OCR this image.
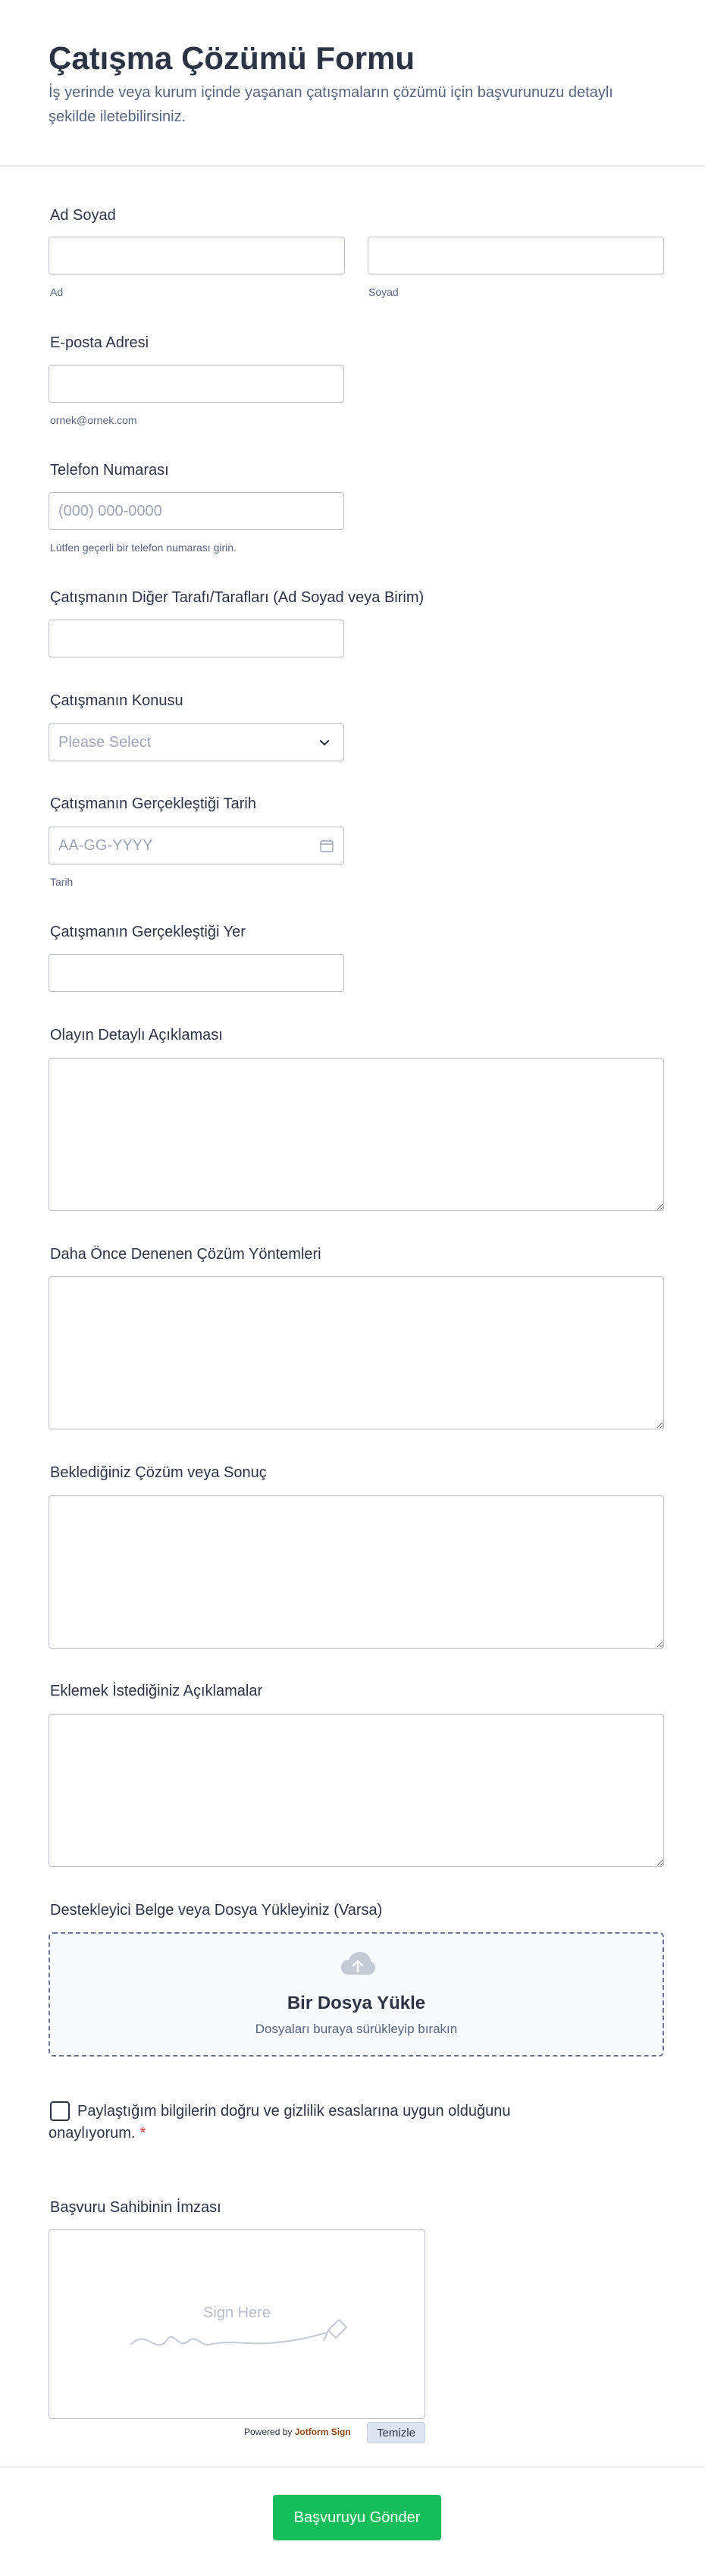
Çatışma Çözümü Formu

İş yerinde veya kurum içinde yaşanan çatışmaların çözümü için başvurunuzu detaylı şekilde iletebilirsiniz.

Ad Soyad
Ad	Soyad
E-posta Adresi
ornek@ornek.com
Telefon Numarası
(000) 000-0000
Lütfen geçerli bir telefon numarası girin.
Çatışmanın Diğer Tarafı/Tarafları (Ad Soyad veya Birim)
Çatışmanın Konusu
Please Select
Çatışmanın Gerçekleştiği Tarih
AA-GG-YYYY
Tarih
Çatışmanın Gerçekleştiği Yer
Olayın Detaylı Açıklaması
Daha Önce Denenen Çözüm Yöntemleri
Beklediğiniz Çözüm veya Sonuç
Eklemek İstediğiniz Açıklamalar
Destekleyici Belge veya Dosya Yükleyiniz (Varsa)
Bir Dosya Yükle
Dosyaları buraya sürükleyip bırakın
Paylaştığım bilgilerin doğru ve gizlilik esaslarına uygun olduğunu onaylıyorum. *
Başvuru Sahibinin İmzası
Sign Here
Powered by Jotform Sign	Temizle
Başvuruyu Gönder
